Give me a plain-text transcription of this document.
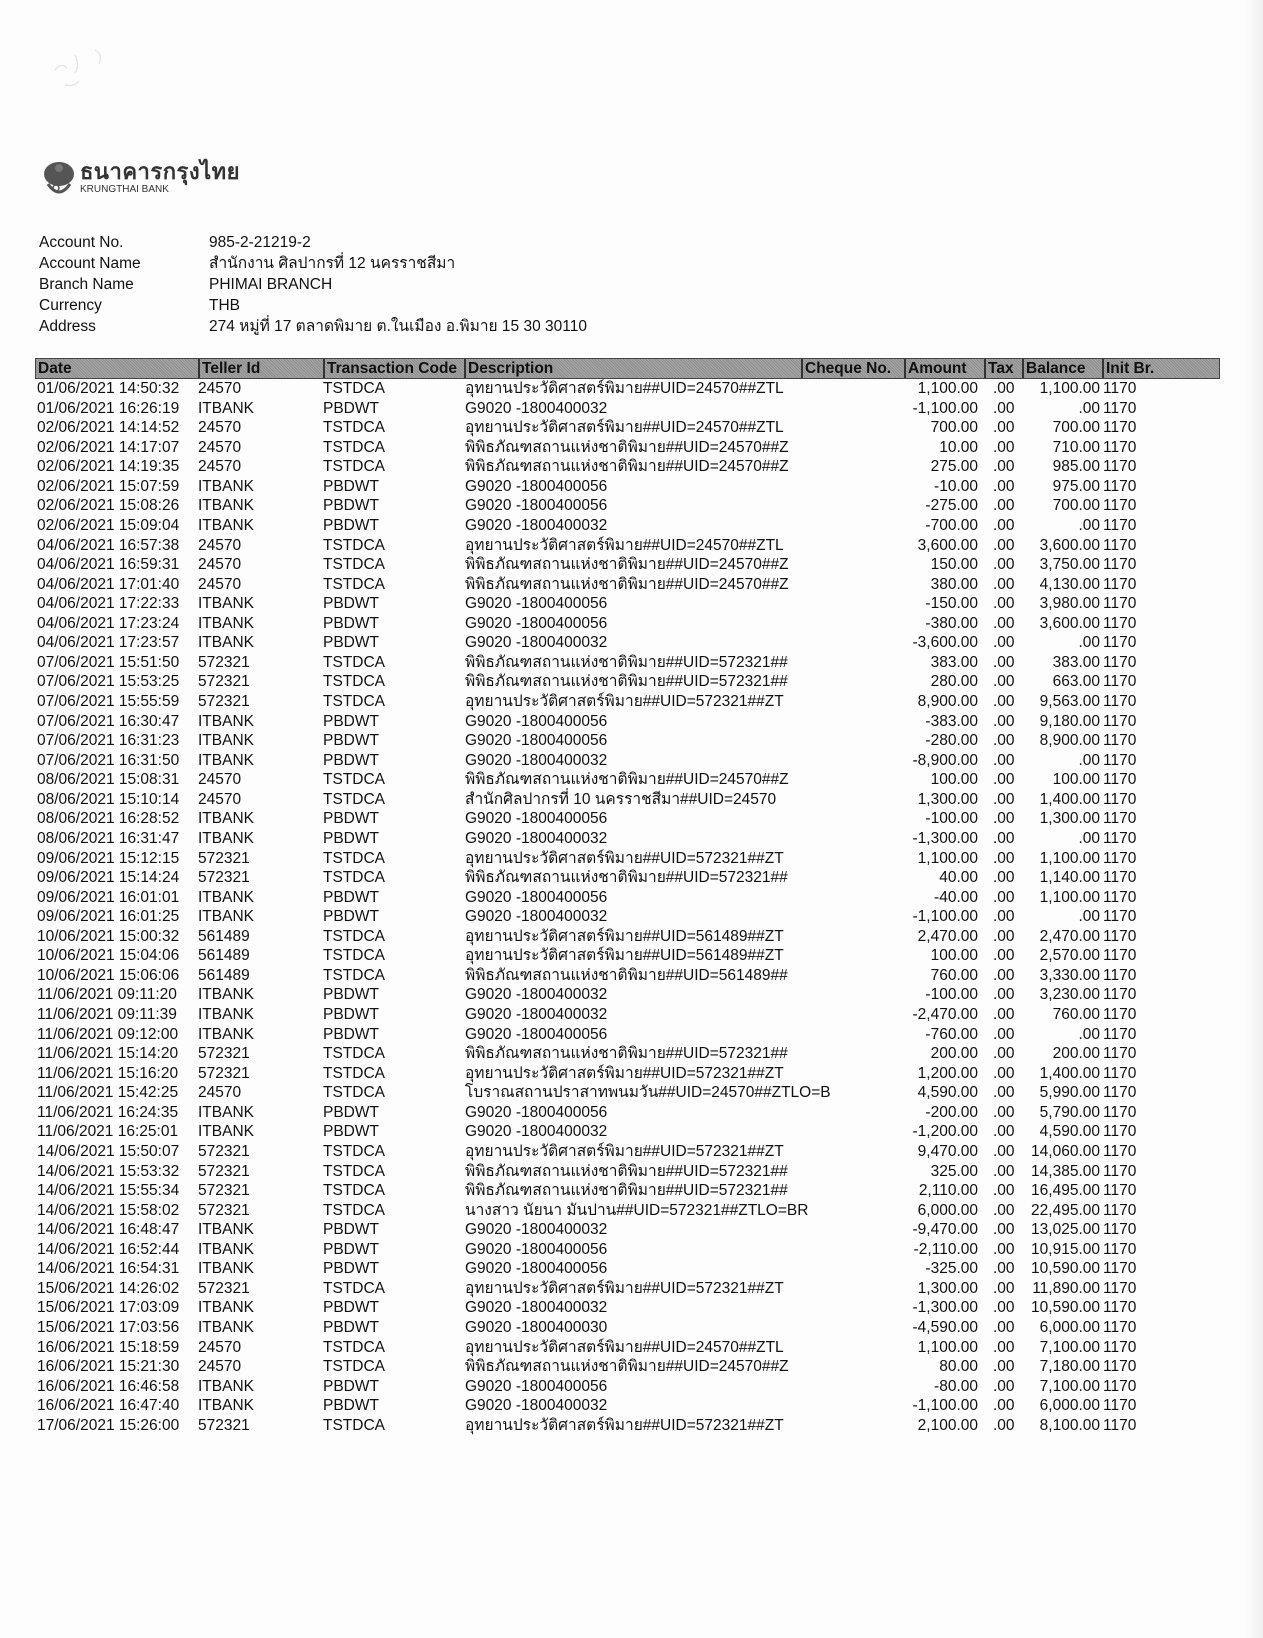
ธนาคารกรุงไทย
KRUNGTHAI BANK
Account No.	985-2-21219-2
Account Name	สำนักงาน ศิลปากรที่ 12 นครราชสีมา
Branch Name	PHIMAI BRANCH
Currency	THB
Address	274 หมู่ที่ 17 ตลาดพิมาย ต.ในเมือง อ.พิมาย 15 30 30110
Date	Teller Id	Transaction Code Description	Cheque No.	Amount	Tax Balance	Init Br.
01/06/2021 14:50:32 24570	TSTDCA	อุทยานประวัติศาสตร์พิมาย##UID=24570##ZTL	1,100.00 .00 1,100.00 1170
01/06/2021 16:26:19 ITBANK	PBDWT	G9020 -1800400032	-1,100.00 .00	.00 1170
02/06/2021 14:14:52 24570	TSTDCA	อุทยานประวัติศาสตร์พิมาย##UID=24570##ZTL	700.00 .00 700.00 1170
02/06/2021 14:17:07 24570	TSTDCA	พิพิธภัณฑสถานแห่งชาติพิมาย##UID=24570##Z	10.00 .00 710.00 1170
02/06/2021 14:19:35 24570	TSTDCA	พิพิธภัณฑสถานแห่งชาติพิมาย##UID=24570##Z	275.00 .00 985.00 1170
02/06/2021 15:07:59 ITBANK	PBDWT	G9020 -1800400056	-10.00 .00 975.00 1170
02/06/2021 15:08:26 ITBANK	PBDWT	G9020 -1800400056	-275.00 .00 700.00 1170
02/06/2021 15:09:04 ITBANK	PBDWT	G9020 -1800400032	-700.00 .00	.00 1170
04/06/2021 16:57:38 24570	TSTDCA	อุทยานประวัติศาสตร์พิมาย##UID=24570##ZTL	3,600.00 .00 3,600.00 1170
04/06/2021 16:59:31 24570	TSTDCA	พิพิธภัณฑสถานแห่งชาติพิมาย##UID=24570##Z	150.00 .00 3,750.00 1170
04/06/2021 17:01:40 24570	TSTDCA	พิพิธภัณฑสถานแห่งชาติพิมาย##UID=24570##Z	380.00 .00 4,130.00 1170
04/06/2021 17:22:33 ITBANK	PBDWT	G9020 -1800400056	-150.00 .00 3,980.00 1170
04/06/2021 17:23:24 ITBANK	PBDWT	G9020 -1800400056	-380.00 .00 3,600.00 1170
04/06/2021 17:23:57 ITBANK	PBDWT	G9020 -1800400032	-3,600.00 .00	.00 1170
07/06/2021 15:51:50 572321	TSTDCA	พิพิธภัณฑสถานแห่งชาติพิมาย##UID=572321##	383.00 .00 383.00 1170
07/06/2021 15:53:25 572321	TSTDCA	พิพิธภัณฑสถานแห่งชาติพิมาย##UID=572321##	280.00 .00 663.00 1170
07/06/2021 15:55:59 572321	TSTDCA	อุทยานประวัติศาสตร์พิมาย##UID=572321##ZT	8,900.00 .00 9,563.00 1170
07/06/2021 16:30:47 ITBANK	PBDWT	G9020 -1800400056	-383.00 .00 9,180.00 1170
07/06/2021 16:31:23 ITBANK	PBDWT	G9020 -1800400056	-280.00 .00 8,900.00 1170
07/06/2021 16:31:50 ITBANK	PBDWT	G9020 -1800400032	-8,900.00 .00	.00 1170
08/06/2021 15:08:31 24570	TSTDCA	พิพิธภัณฑสถานแห่งชาติพิมาย##UID=24570##Z	100.00 .00 100.00 1170
08/06/2021 15:10:14 24570	TSTDCA	สำนักศิลปากรที่ 10 นครราชสีมา##UID=24570	1,300.00 .00 1,400.00 1170
08/06/2021 16:28:52 ITBANK	PBDWT	G9020 -1800400056	-100.00 .00 1,300.00 1170
08/06/2021 16:31:47 ITBANK	PBDWT	G9020 -1800400032	-1,300.00 .00	.00 1170
09/06/2021 15:12:15 572321	TSTDCA	อุทยานประวัติศาสตร์พิมาย##UID=572321##ZT	1,100.00 .00 1,100.00 1170
09/06/2021 15:14:24 572321	TSTDCA	พิพิธภัณฑสถานแห่งชาติพิมาย##UID=572321##	40.00 .00 1,140.00 1170
09/06/2021 16:01:01 ITBANK	PBDWT	G9020 -1800400056	-40.00 .00 1,100.00 1170
09/06/2021 16:01:25 ITBANK	PBDWT	G9020 -1800400032	-1,100.00 .00	.00 1170
10/06/2021 15:00:32 561489	TSTDCA	อุทยานประวัติศาสตร์พิมาย##UID=561489##ZT	2,470.00 .00 2,470.00 1170
10/06/2021 15:04:06 561489	TSTDCA	อุทยานประวัติศาสตร์พิมาย##UID=561489##ZT	100.00 .00 2,570.00 1170
10/06/2021 15:06:06 561489	TSTDCA	พิพิธภัณฑสถานแห่งชาติพิมาย##UID=561489##	760.00 .00 3,330.00 1170
11/06/2021 09:11:20 ITBANK	PBDWT	G9020 -1800400032	-100.00 .00 3,230.00 1170
11/06/2021 09:11:39 ITBANK	PBDWT	G9020 -1800400032	-2,470.00 .00 760.00 1170
11/06/2021 09:12:00 ITBANK	PBDWT	G9020 -1800400056	-760.00 .00	.00 1170
11/06/2021 15:14:20 572321	TSTDCA	พิพิธภัณฑสถานแห่งชาติพิมาย##UID=572321##	200.00 .00 200.00 1170
11/06/2021 15:16:20 572321	TSTDCA	อุทยานประวัติศาสตร์พิมาย##UID=572321##ZT	1,200.00 .00 1,400.00 1170
11/06/2021 15:42:25 24570	TSTDCA	โบราณสถานปราสาทพนมวัน##UID=24570##ZTLO=B	4,590.00 .00 5,990.00 1170
11/06/2021 16:24:35 ITBANK	PBDWT	G9020 -1800400056	-200.00 .00 5,790.00 1170
11/06/2021 16:25:01 ITBANK	PBDWT	G9020 -1800400032	-1,200.00 .00 4,590.00 1170
14/06/2021 15:50:07 572321	TSTDCA	อุทยานประวัติศาสตร์พิมาย##UID=572321##ZT	9,470.00 .00 14,060.00 1170
14/06/2021 15:53:32 572321	TSTDCA	พิพิธภัณฑสถานแห่งชาติพิมาย##UID=572321##	325.00 .00 14,385.00 1170
14/06/2021 15:55:34 572321	TSTDCA	พิพิธภัณฑสถานแห่งชาติพิมาย##UID=572321##	2,110.00 .00 16,495.00 1170
14/06/2021 15:58:02 572321	TSTDCA	นางสาว นัยนา มันปาน##UID=572321##ZTLO=BR	6,000.00 .00 22,495.00 1170
14/06/2021 16:48:47 ITBANK	PBDWT	G9020 -1800400032	-9,470.00 .00 13,025.00 1170
14/06/2021 16:52:44 ITBANK	PBDWT	G9020 -1800400056	-2,110.00 .00 10,915.00 1170
14/06/2021 16:54:31 ITBANK	PBDWT	G9020 -1800400056	-325.00 .00 10,590.00 1170
15/06/2021 14:26:02 572321	TSTDCA	อุทยานประวัติศาสตร์พิมาย##UID=572321##ZT	1,300.00 .00 11,890.00 1170
15/06/2021 17:03:09 ITBANK	PBDWT	G9020 -1800400032	-1,300.00 .00 10,590.00 1170
15/06/2021 17:03:56 ITBANK	PBDWT	G9020 -1800400030	-4,590.00 .00 6,000.00 1170
16/06/2021 15:18:59 24570	TSTDCA	อุทยานประวัติศาสตร์พิมาย##UID=24570##ZTL	1,100.00 .00 7,100.00 1170
16/06/2021 15:21:30 24570	TSTDCA	พิพิธภัณฑสถานแห่งชาติพิมาย##UID=24570##Z	80.00 .00 7,180.00 1170
16/06/2021 16:46:58 ITBANK	PBDWT	G9020 -1800400056	-80.00 .00 7,100.00 1170
16/06/2021 16:47:40 ITBANK	PBDWT	G9020 -1800400032	-1,100.00 .00 6,000.00 1170
17/06/2021 15:26:00 572321	TSTDCA	อุทยานประวัติศาสตร์พิมาย##UID=572321##ZT	2,100.00 .00 8,100.00 1170
